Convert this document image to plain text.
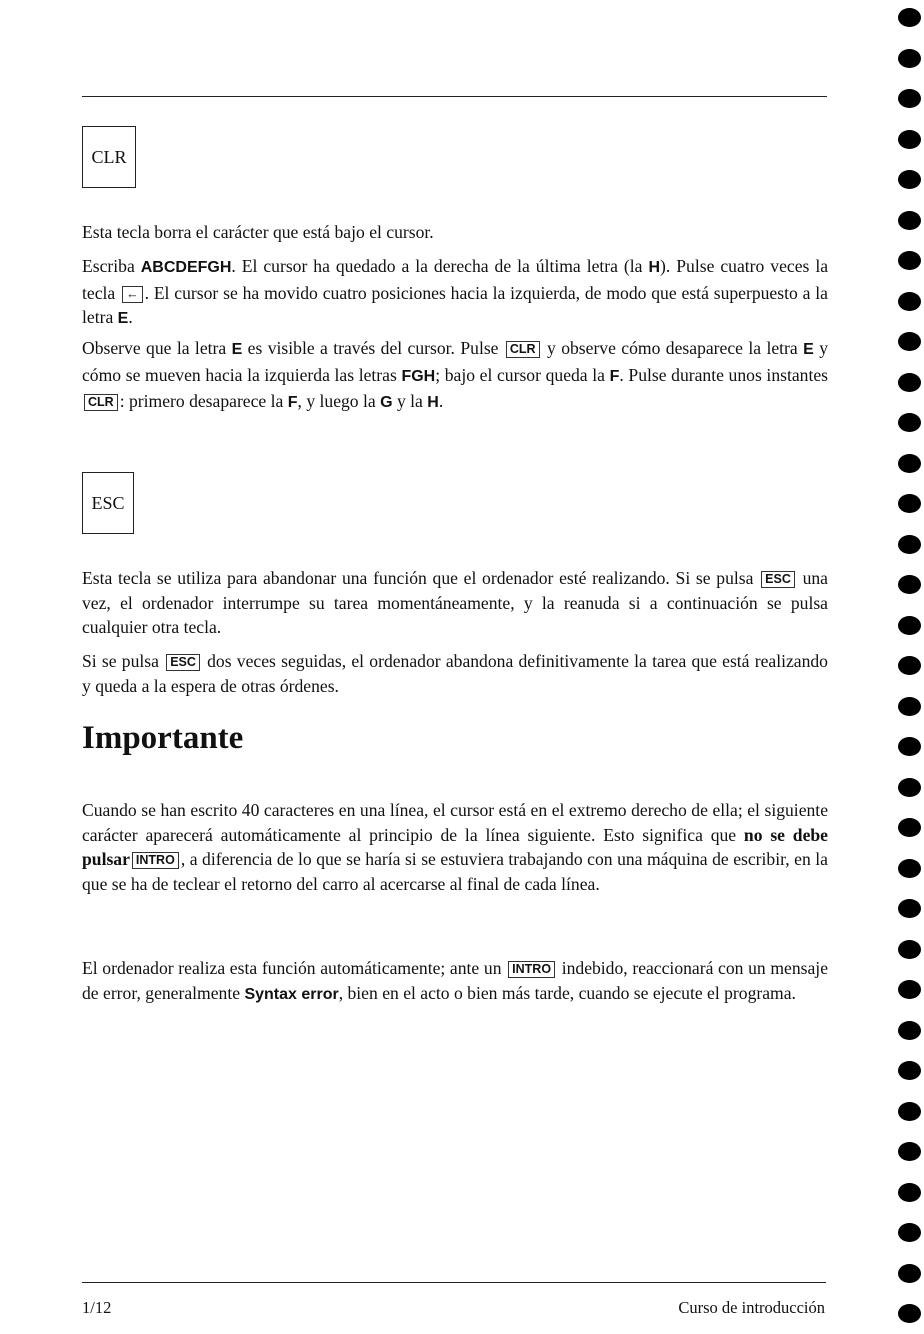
CLR

Esta tecla borra el carácter que está bajo el cursor.

Escriba ABCDEFGH. El cursor ha quedado a la derecha de la última letra (la H). Pulse cuatro veces la tecla ← . El cursor se ha movido cuatro posiciones hacia la izquierda, de modo que está superpuesto a la letra E.

Observe que la letra E es visible a través del cursor. Pulse CLR y observe cómo desaparece la letra E y cómo se mueven hacia la izquierda las letras FGH; bajo el cursor queda la F. Pulse durante unos instantes CLR : primero desaparece la F, y luego la G y la H.

ESC

Esta tecla se utiliza para abandonar una función que el ordenador esté realizando. Si se pulsa ESC una vez, el ordenador interrumpe su tarea momentáneamente, y la reanuda si a continuación se pulsa cualquier otra tecla.

Si se pulsa ESC dos veces seguidas, el ordenador abandona definitivamente la tarea que está realizando y queda a la espera de otras órdenes.

Importante

Cuando se han escrito 40 caracteres en una línea, el cursor está en el extremo derecho de ella; el siguiente carácter aparecerá automáticamente al principio de la línea siguiente. Esto significa que no se debe pulsar INTRO , a diferencia de lo que se haría si se estuviera trabajando con una máquina de escribir, en la que se ha de teclear el retorno del carro al acercarse al final de cada línea.

El ordenador realiza esta función automáticamente; ante un INTRO indebido, reaccionará con un mensaje de error, generalmente Syntax error, bien en el acto o bien más tarde, cuando se ejecute el programa.

1/12	Curso de introducción
